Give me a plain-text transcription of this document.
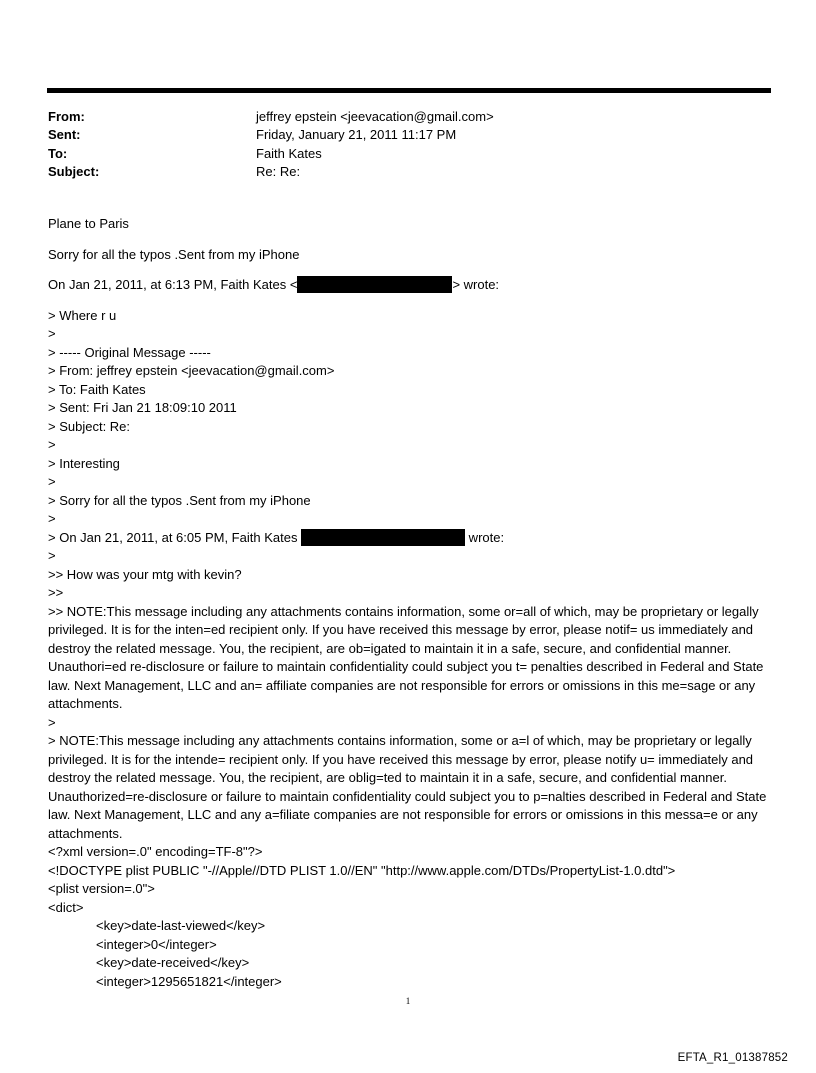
From:	jeffrey epstein <jeevacation@gmail.com>
Sent:	Friday, January 21, 2011 11:17 PM
To:	Faith Kates
Subject:	Re: Re:
Plane to Paris
Sorry for all the typos .Sent from my iPhone
On Jan 21, 2011, at 6:13 PM, Faith Kates <	> wrote:
> Where r u
>
> ----- Original Message -----
> From: jeffrey epstein <jeevacation@gmail.com>
> To: Faith Kates
> Sent: Fri Jan 21 18:09:10 2011
> Subject: Re:
>
> Interesting
>
> Sorry for all the typos .Sent from my iPhone
>
> On Jan 21, 2011, at 6:05 PM, Faith Kates	wrote:
>
>> How was your mtg with kevin?
>>
>> NOTE:This message including any attachments contains information, some or=all of which, may be proprietary or legally privileged. It is for the inten=ed recipient only. If you have received this message by error, please notif= us immediately and destroy the related message. You, the recipient, are ob=igated to maintain it in a safe, secure, and confidential manner. Unauthori=ed re-disclosure or failure to maintain confidentiality could subject you t= penalties described in Federal and State law. Next Management, LLC and an= affiliate companies are not responsible for errors or omissions in this me=sage or any attachments.
>
> NOTE:This message including any attachments contains information, some or a=l of which, may be proprietary or legally privileged. It is for the intende= recipient only. If you have received this message by error, please notify u= immediately and destroy the related message. You, the recipient, are oblig=ted to maintain it in a safe, secure, and confidential manner. Unauthorized=re-disclosure or failure to maintain confidentiality could subject you to p=nalties described in Federal and State law. Next Management, LLC and any a=filiate companies are not responsible for errors or omissions in this messa=e or any attachments.
<?xml version=.0" encoding=TF-8"?>
<!DOCTYPE plist PUBLIC "-//Apple//DTD PLIST 1.0//EN" "http://www.apple.com/DTDs/PropertyList-1.0.dtd">
<plist version=.0">
<dict>
<key>date-last-viewed</key>
<integer>0</integer>
<key>date-received</key>
<integer>1295651821</integer>
1
EFTA_R1_01387852
